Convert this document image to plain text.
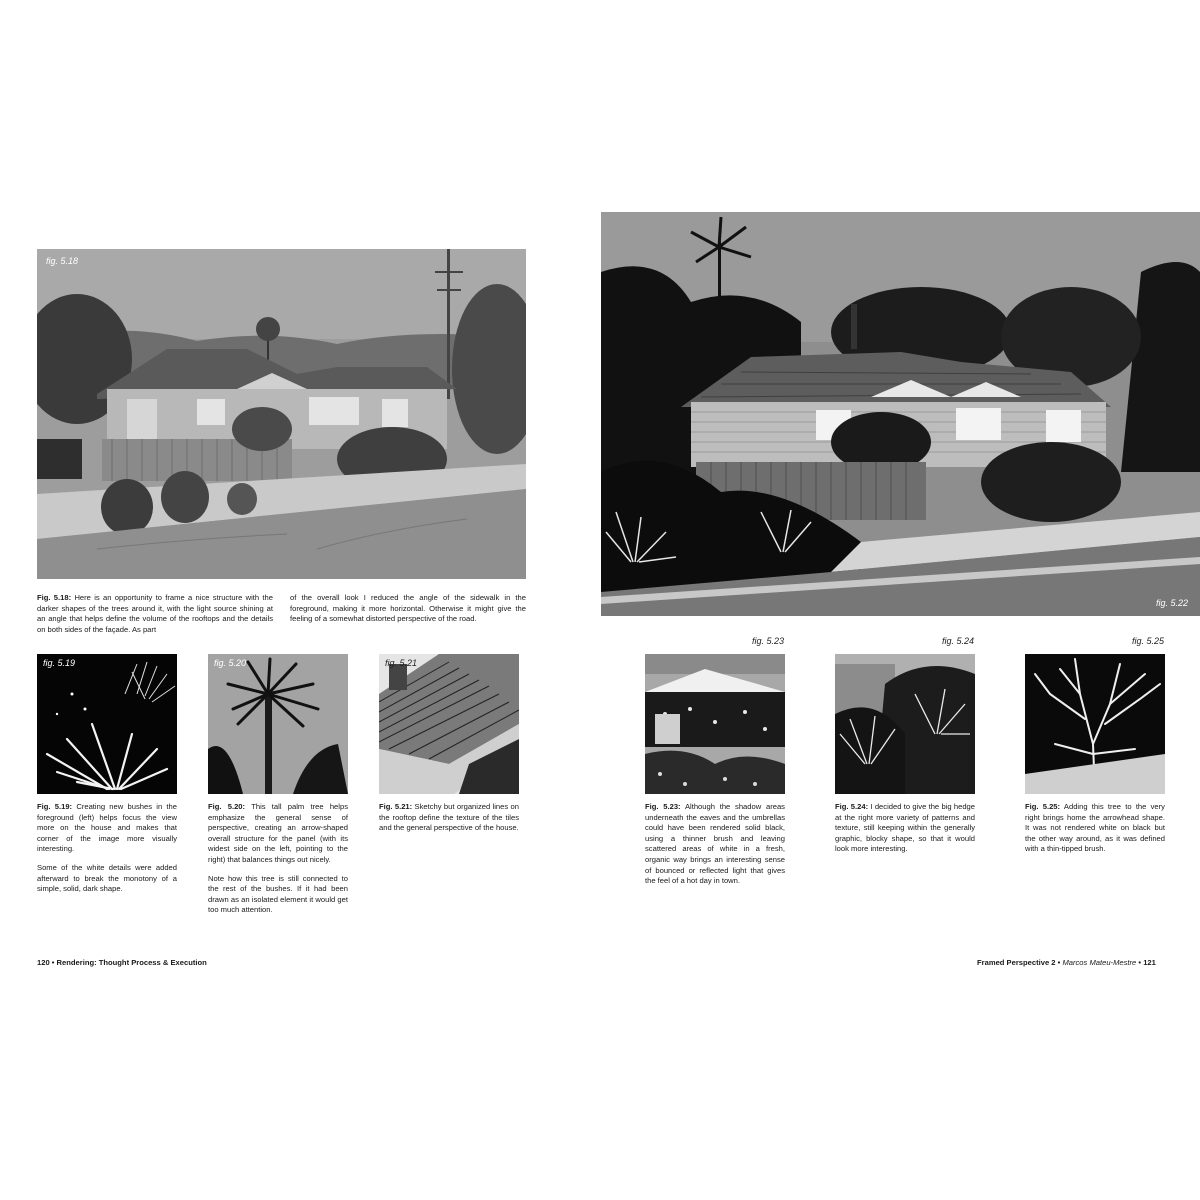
fig. 5.18
Fig. 5.18: Here is an opportunity to frame a nice structure with the darker shapes of the trees around it, with the light source shining at an angle that helps define the volume of the rooftops and the details on both sides of the façade. As part
of the overall look I reduced the angle of the sidewalk in the foreground, making it more horizontal. Otherwise it might give the feeling of a somewhat distorted perspective of the road.
fig. 5.19

Fig. 5.19: Creating new bushes in the foreground (left) helps focus the view more on the house and makes that corner of the image more visually interesting.

Some of the white details were added afterward to break the monotony of a simple, solid, dark shape.

fig. 5.20

Fig. 5.20: This tall palm tree helps emphasize the general sense of perspective, creating an arrow-shaped overall structure for the panel (with its widest side on the left, pointing to the right) that balances things out nicely.

Note how this tree is still connected to the rest of the bushes. If it had been drawn as an isolated element it would get too much attention.

fig. 5.21

Fig. 5.21: Sketchy but organized lines on the rooftop define the texture of the tiles and the general perspective of the house.

120 • Rendering: Thought Process & Execution
fig. 5.22
fig. 5.23	fig. 5.24	fig. 5.25

Fig. 5.23: Although the shadow areas underneath the eaves and the umbrellas could have been rendered solid black, using a thinner brush and leaving scattered areas of white in a fresh, organic way brings an interesting sense of bounced or reflected light that gives the feel of a hot day in town.

Fig. 5.24: I decided to give the big hedge at the right more variety of patterns and texture, still keeping within the generally graphic, blocky shape, so that it would look more interesting.

Fig. 5.25: Adding this tree to the very right brings home the arrowhead shape. It was not rendered white on black but the other way around, as it was defined with a thin-tipped brush.

Framed Perspective 2 • Marcos Mateu-Mestre • 121
